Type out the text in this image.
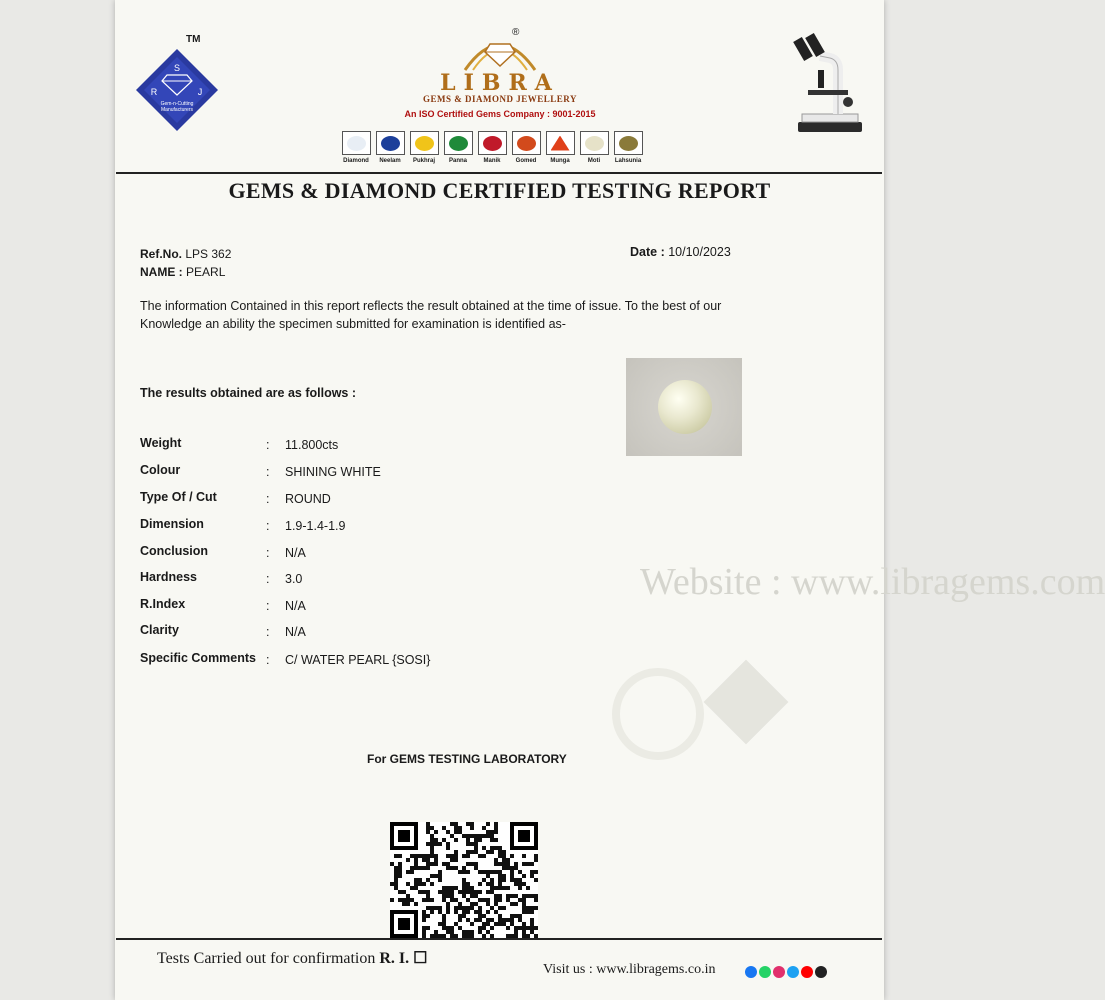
S
R	J
Gem-n-Cutting
Manufacturers
TM
®
LIBRA
GEMS & DIAMOND JEWELLERY
An ISO Certified Gems Company : 9001-2015
Diamond Neelam Pukhraj Panna	Manik	Gomed Munga	Moti Lahsunia
GEMS & DIAMOND CERTIFIED TESTING REPORT
Ref.No. LPS 362
NAME : PEARL
Date : 10/10/2023
The information Contained in this report reflects the result obtained at the time of issue. To the best of our Knowledge an ability the specimen submitted for examination is identified as-
The results obtained are as follows :
Weight	:	11.800cts
Colour	:	SHINING WHITE
Type Of / Cut	:	ROUND
Dimension	:	1.9-1.4-1.9
Conclusion	:	N/A
Hardness	:	3.0
R.Index	:	N/A
Clarity	:	N/A
Specific Comments :	C/ WATER PEARL {SOSI}
Website : www.libragems.com
For GEMS TESTING LABORATORY
Tests Carried out for confirmation R. I. ☐
Visit us : www.libragems.co.in
